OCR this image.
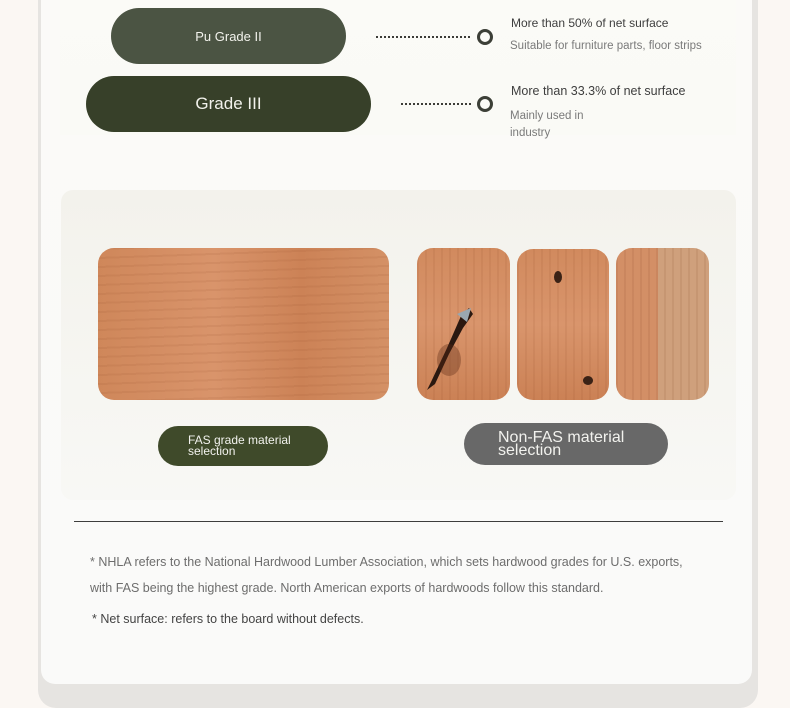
Pu Grade II
More than 50% of net surface
Suitable for furniture parts, floor strips
Grade III
More than 33.3% of net surface
Mainly used in
industry
FAS grade material
selection
Non-FAS material
selection
* NHLA refers to the National Hardwood Lumber Association, which sets hardwood grades for U.S. exports,
with FAS being the highest grade. North American exports of hardwoods follow this standard.
* Net surface: refers to the board without defects.
